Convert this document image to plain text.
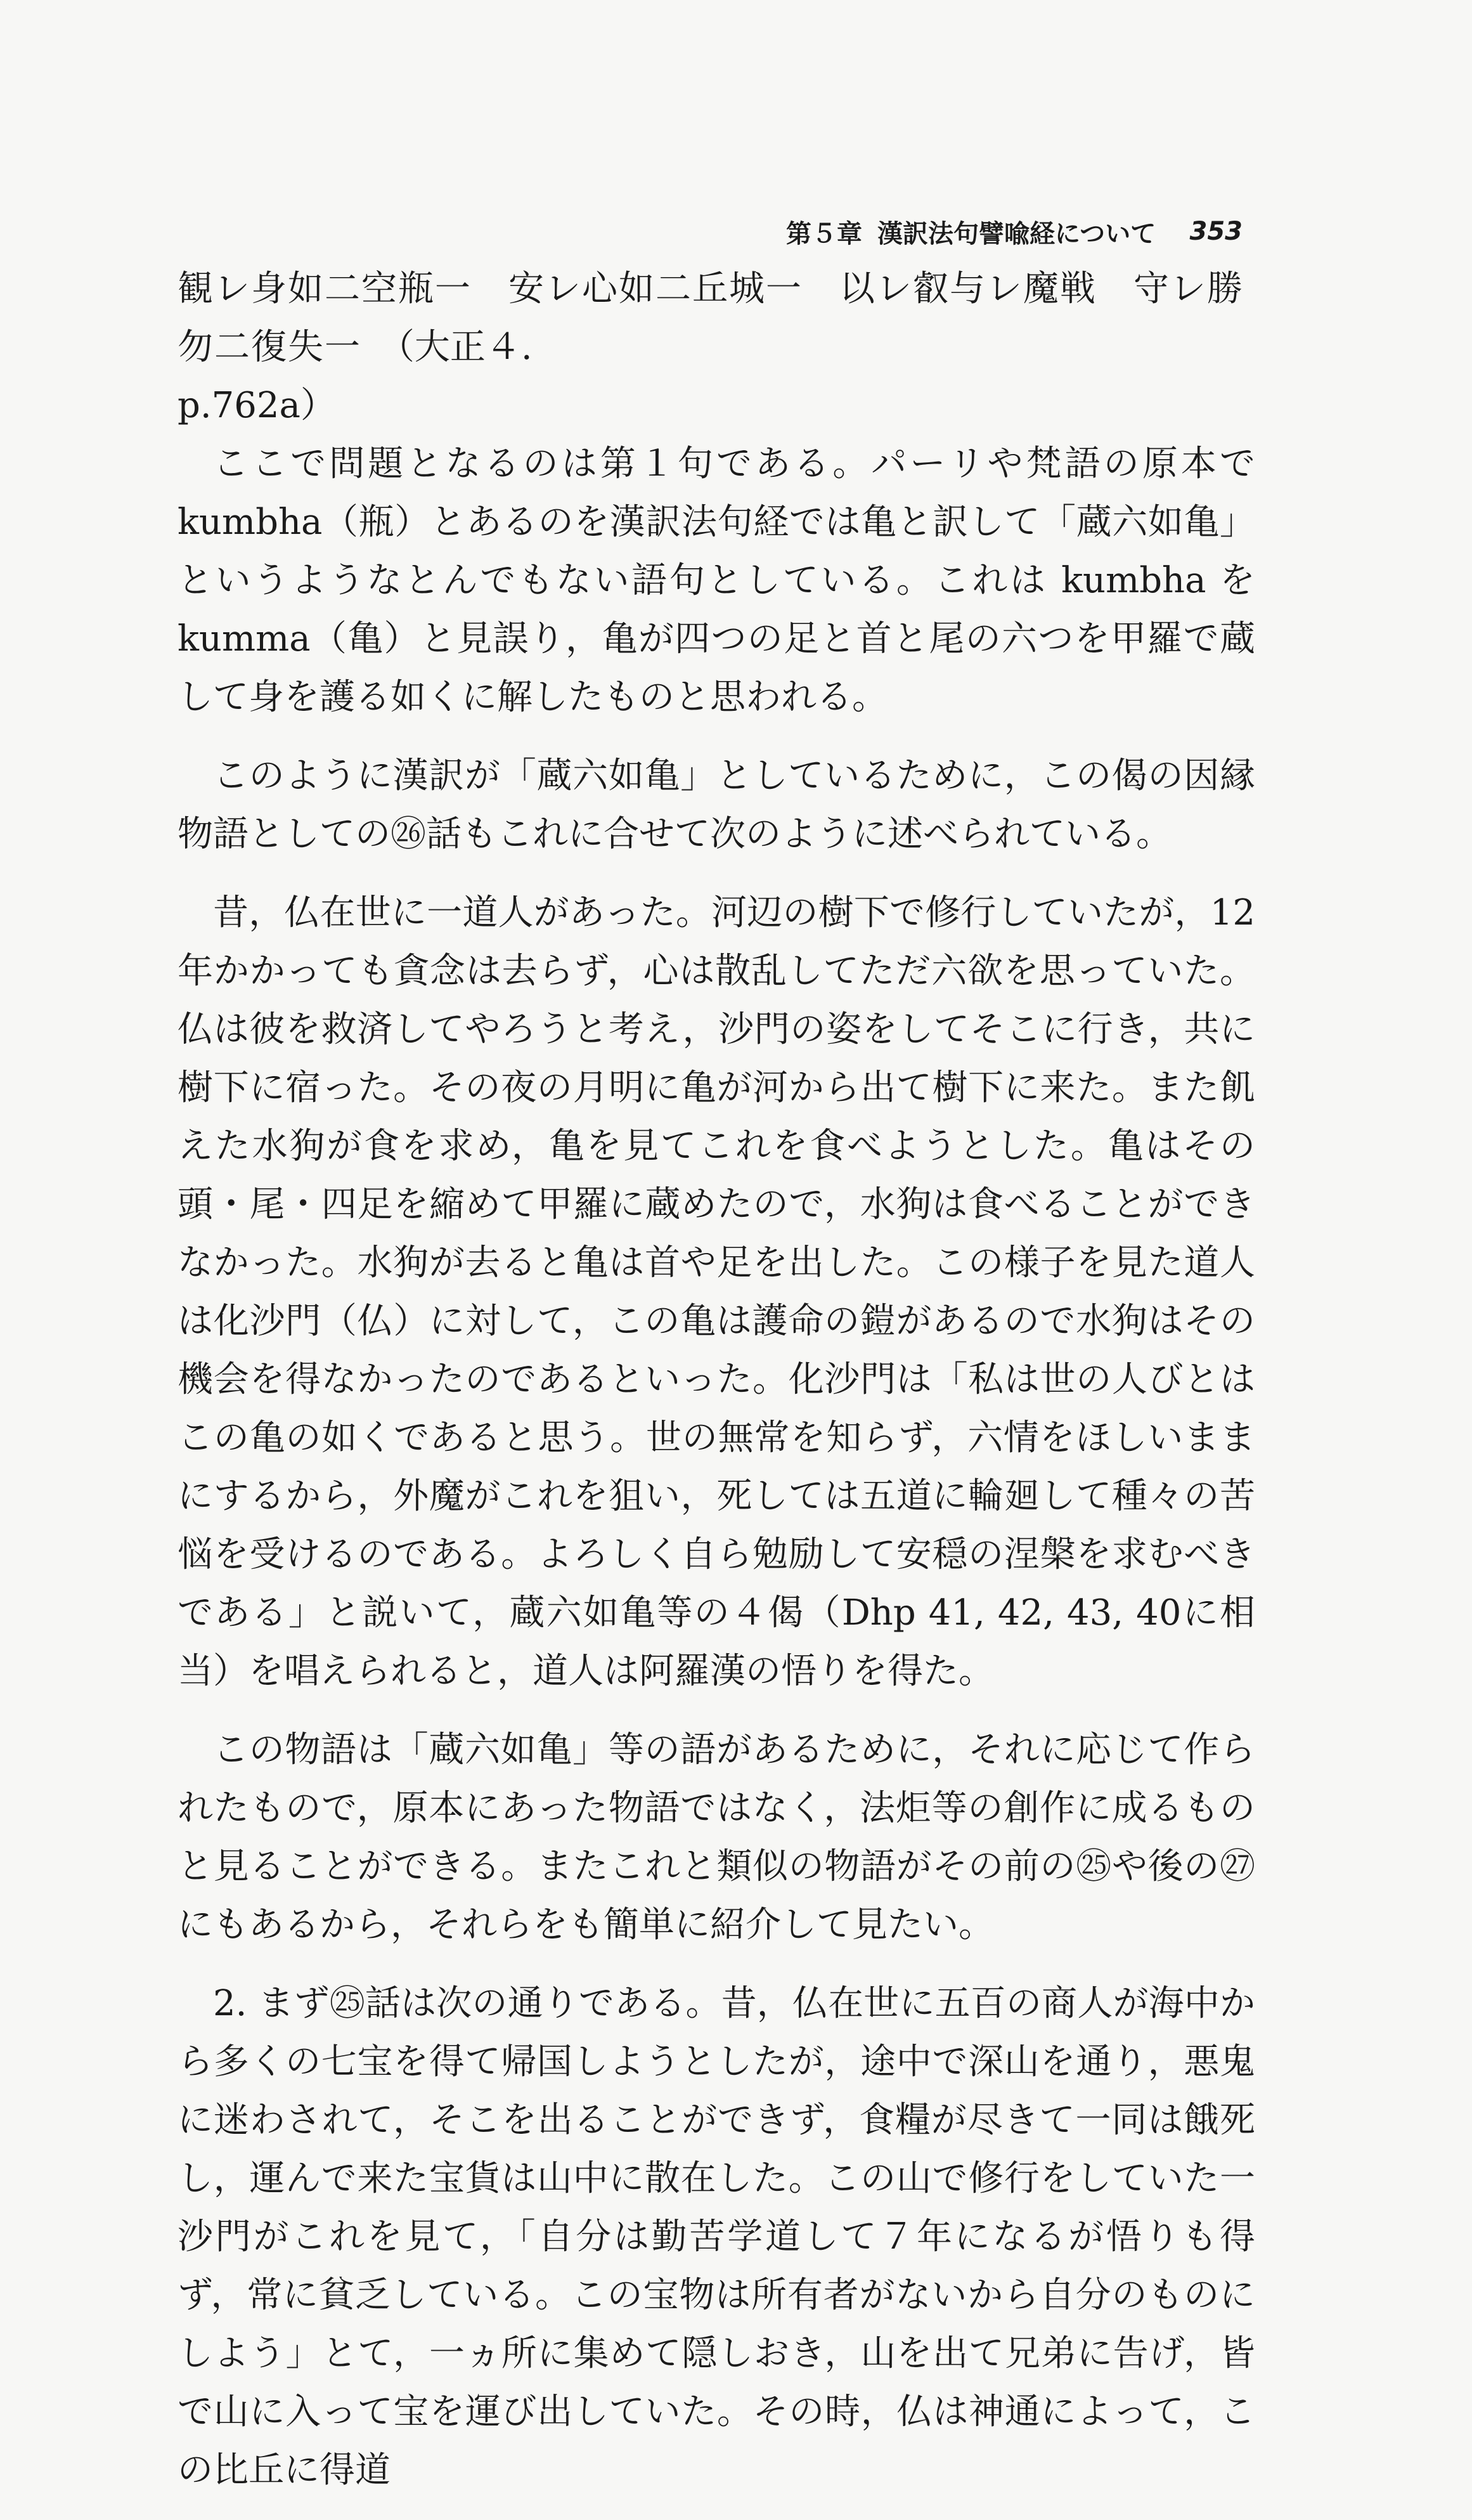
第５章 漢訳法句譬喩経について 353
観レ身如二空瓶一　安レ心如二丘城一　以レ叡与レ魔戦　守レ勝勿二復失一 （大正４.
p.762a）

ここで問題となるのは第１句である。パーリや梵語の原本で kumbha（瓶）とあるのを漢訳法句経では亀と訳して「蔵六如亀」というようなとんでもない語句としている。これは kumbha を kumma（亀）と見誤り，亀が四つの足と首と尾の六つを甲羅で蔵して身を護る如くに解したものと思われる。

このように漢訳が「蔵六如亀」としているために，この偈の因縁物語としての㉖話もこれに合せて次のように述べられている。

昔，仏在世に一道人があった。河辺の樹下で修行していたが，12年かかっても貪念は去らず，心は散乱してただ六欲を思っていた。仏は彼を救済してやろうと考え，沙門の姿をしてそこに行き，共に樹下に宿った。その夜の月明に亀が河から出て樹下に来た。また飢えた水狗が食を求め，亀を見てこれを食べようとした。亀はその頭・尾・四足を縮めて甲羅に蔵めたので，水狗は食べることができなかった。水狗が去ると亀は首や足を出した。この様子を見た道人は化沙門（仏）に対して，この亀は護命の鎧があるので水狗はその機会を得なかったのであるといった。化沙門は「私は世の人びとはこの亀の如くであると思う。世の無常を知らず，六情をほしいままにするから，外魔がこれを狙い，死しては五道に輪廻して種々の苦悩を受けるのである。よろしく自ら勉励して安穏の涅槃を求むべきである」と説いて，蔵六如亀等の４偈（Dhp 41, 42, 43, 40に相当）を唱えられると，道人は阿羅漢の悟りを得た。

この物語は「蔵六如亀」等の語があるために，それに応じて作られたもので，原本にあった物語ではなく，法炬等の創作に成るものと見ることができる。またこれと類似の物語がその前の㉕や後の㉗にもあるから，それらをも簡単に紹介して見たい。

2. まず㉕話は次の通りである。昔，仏在世に五百の商人が海中から多くの七宝を得て帰国しようとしたが，途中で深山を通り，悪鬼に迷わされて，そこを出ることができず，食糧が尽きて一同は餓死し，運んで来た宝貨は山中に散在した。この山で修行をしていた一沙門がこれを見て，「自分は勤苦学道して７年になるが悟りも得ず，常に貧乏している。この宝物は所有者がないから自分のものにしよう」とて，一ヵ所に集めて隠しおき，山を出て兄弟に告げ，皆で山に入って宝を運び出していた。その時，仏は神通によって，この比丘に得道
